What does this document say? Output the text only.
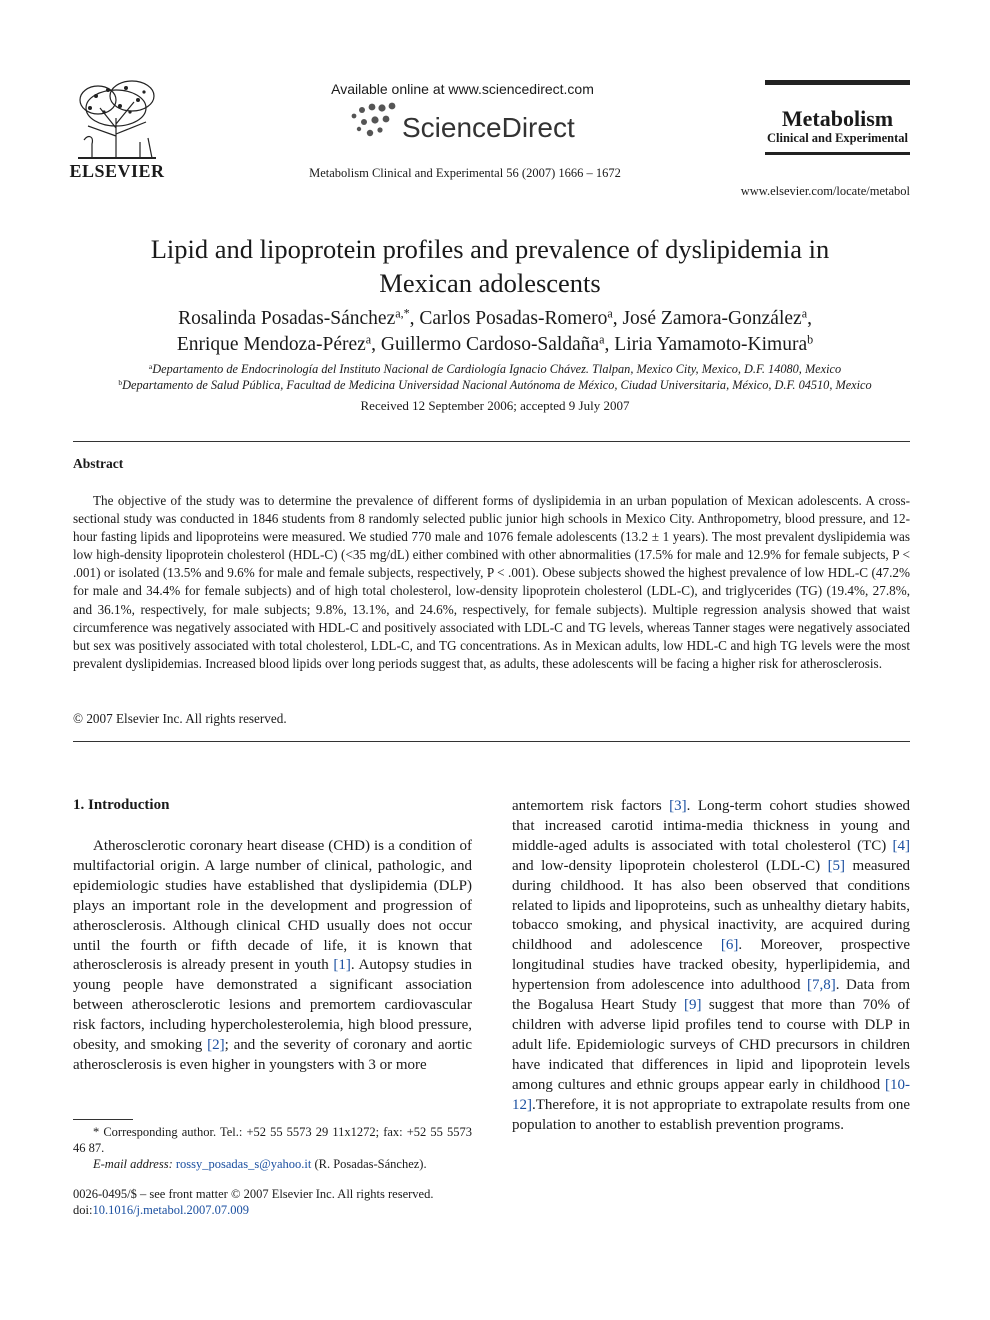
ELSEVIER
Available online at www.sciencedirect.com
ScienceDirect
Metabolism Clinical and Experimental 56 (2007) 1666 – 1672
Metabolism
Clinical and Experimental
www.elsevier.com/locate/metabol
Lipid and lipoprotein profiles and prevalence of dyslipidemia in
Mexican adolescents
Rosalinda Posadas-Sánchez$^{a,*}$, Carlos Posadas-Romero$^a$, José Zamora-González$^a$,
Enrique Mendoza-Pérez$^a$, Guillermo Cardoso-Saldaña$^a$, Liria Yamamoto-Kimura$^b$
$^a$Departamento de Endocrinología del Instituto Nacional de Cardiología Ignacio Chávez. Tlalpan, Mexico City, Mexico, D.F. 14080, Mexico
$^b$Departamento de Salud Pública, Facultad de Medicina Universidad Nacional Autónoma de México, Ciudad Universitaria, México, D.F. 04510, Mexico
Received 12 September 2006; accepted 9 July 2007
Abstract
The objective of the study was to determine the prevalence of different forms of dyslipidemia in an urban population of Mexican adolescents. A cross-sectional study was conducted in 1846 students from 8 randomly selected public junior high schools in Mexico City. Anthropometry, blood pressure, and 12-hour fasting lipids and lipoproteins were measured. We studied 770 male and 1076 female adolescents (13.2 ± 1 years). The most prevalent dyslipidemia was low high-density lipoprotein cholesterol (HDL-C) (<35 mg/dL) either combined with other abnormalities (17.5% for male and 12.9% for female subjects, P < .001) or isolated (13.5% and 9.6% for male and female subjects, respectively, P < .001). Obese subjects showed the highest prevalence of low HDL-C (47.2% for male and 34.4% for female subjects) and of high total cholesterol, low-density lipoprotein cholesterol (LDL-C), and triglycerides (TG) (19.4%, 27.8%, and 36.1%, respectively, for male subjects; 9.8%, 13.1%, and 24.6%, respectively, for female subjects). Multiple regression analysis showed that waist circumference was negatively associated with HDL-C and positively associated with LDL-C and TG levels, whereas Tanner stages were negatively associated but sex was positively associated with total cholesterol, LDL-C, and TG concentrations. As in Mexican adults, low HDL-C and high TG levels were the most prevalent dyslipidemias. Increased blood lipids over long periods suggest that, as adults, these adolescents will be facing a higher risk for atherosclerosis.
© 2007 Elsevier Inc. All rights reserved.
1. Introduction
Atherosclerotic coronary heart disease (CHD) is a condition of multifactorial origin. A large number of clinical, pathologic, and epidemiologic studies have established that dyslipidemia (DLP) plays an important role in the development and progression of atherosclerosis. Although clinical CHD usually does not occur until the fourth or fifth decade of life, it is known that atherosclerosis is already present in youth [1]. Autopsy studies in young people have demonstrated a significant association between atherosclerotic lesions and premortem cardiovascular risk factors, including hypercholesterolemia, high blood pressure, obesity, and smoking [2]; and the severity of coronary and aortic atherosclerosis is even higher in youngsters with 3 or more
antemortem risk factors [3]. Long-term cohort studies showed that increased carotid intima-media thickness in young and middle-aged adults is associated with total cholesterol (TC) [4] and low-density lipoprotein cholesterol (LDL-C) [5] measured during childhood. It has also been observed that conditions related to lipids and lipoproteins, such as unhealthy dietary habits, tobacco smoking, and physical inactivity, are acquired during childhood and adolescence [6]. Moreover, prospective longitudinal studies have tracked obesity, hyperlipidemia, and hypertension from adolescence into adulthood [7,8]. Data from the Bogalusa Heart Study [9] suggest that more than 70% of children with adverse lipid profiles tend to course with DLP in adult life. Epidemiologic surveys of CHD precursors in children have indicated that differences in lipid and lipoprotein levels among cultures and ethnic groups appear early in childhood [10-12].Therefore, it is not appropriate to extrapolate results from one population to another to establish prevention programs.
* Corresponding author. Tel.: +52 55 5573 29 11x1272; fax: +52 55 5573 46 87.
E-mail address: rossy_posadas_s@yahoo.it (R. Posadas-Sánchez).
0026-0495/$ – see front matter © 2007 Elsevier Inc. All rights reserved.
doi:10.1016/j.metabol.2007.07.009
